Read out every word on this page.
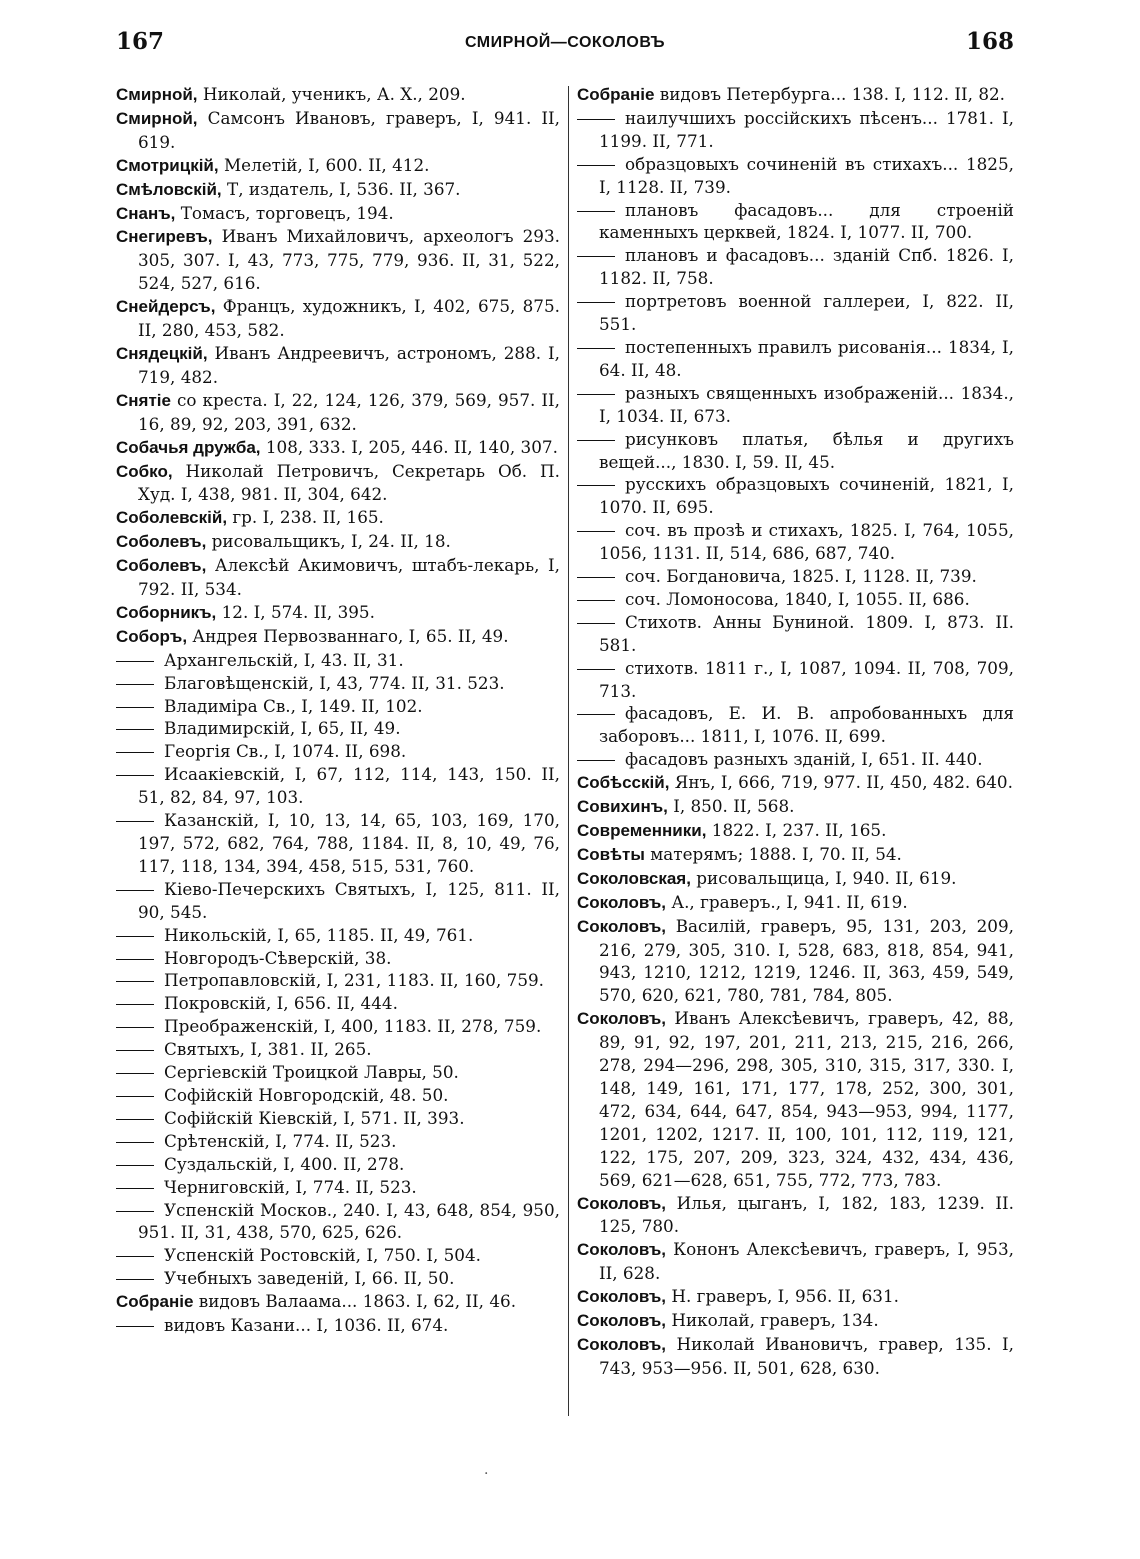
167	СМИРНОЙ—СОКОЛОВЪ	168

Смирной, Николай, ученикъ, А. Х., 209.

Смирной, Самсонъ Ивановъ, граверъ, I, 941. II, 619.

Смотрицкій, Мелетій, I, 600. II, 412.

Смѣловскій, Т, издатель, I, 536. II, 367.

Снанъ, Томасъ, торговецъ, 194.

Снегиревъ, Иванъ Михайловичъ, археологъ 293. 305, 307. I, 43, 773, 775, 779, 936. II, 31, 522, 524, 527, 616.

Снейдерсъ, Францъ, художникъ, I, 402, 675, 875. II, 280, 453, 582.

Снядецкій, Иванъ Андреевичъ, астрономъ, 288. I, 719, 482.

Снятіе со креста. I, 22, 124, 126, 379, 569, 957. II, 16, 89, 92, 203, 391, 632.

Собачья дружба, 108, 333. I, 205, 446. II, 140, 307.

Собко, Николай Петровичъ, Секретарь Об. П. Худ. I, 438, 981. II, 304, 642.

Соболевскій, гр. I, 238. II, 165.

Соболевъ, рисовальщикъ, I, 24. II, 18.

Соболевъ, Алексѣй Акимовичъ, штабъ-лекарь, I, 792. II, 534.

Соборникъ, 12. I, 574. II, 395.

Соборъ, Андрея Первозваннаго, I, 65. II, 49.

Архангельскій, I, 43. II, 31.

Благовѣщенскій, I, 43, 774. II, 31. 523.

Владиміра Св., I, 149. II, 102.

Владимирскій, I, 65, II, 49.

Георгія Св., I, 1074. II, 698.

Исаакіевскій, I, 67, 112, 114, 143, 150. II, 51, 82, 84, 97, 103.

Казанскій, I, 10, 13, 14, 65, 103, 169, 170, 197, 572, 682, 764, 788, 1184. II, 8, 10, 49, 76, 117, 118, 134, 394, 458, 515, 531, 760.

Кіево-Печерскихъ Святыхъ, I, 125, 811. II, 90, 545.

Никольскій, I, 65, 1185. II, 49, 761.

Новгородъ-Сѣверскій, 38.

Петропавловскій, I, 231, 1183. II, 160, 759.

Покровскій, I, 656. II, 444.

Преображенскій, I, 400, 1183. II, 278, 759.

Святыхъ, I, 381. II, 265.

Сергіевскій Троицкой Лавры, 50.

Софійскій Новгородскій, 48. 50.

Софійскій Кіевскій, I, 571. II, 393.

Срѣтенскій, I, 774. II, 523.

Суздальскій, I, 400. II, 278.

Черниговскій, I, 774. II, 523.

Успенскій Москов., 240. I, 43, 648, 854, 950, 951. II, 31, 438, 570, 625, 626.

Успенскій Ростовскій, I, 750. I, 504.

Учебныхъ заведеній, I, 66. II, 50.

Собраніе видовъ Валаама... 1863. I, 62, II, 46.

видовъ Казани... I, 1036. II, 674.

Собраніе видовъ Петербурга... 138. I, 112. II, 82.

наилучшихъ россійскихъ пѣсенъ... 1781. I, 1199. II, 771.

образцовыхъ сочиненій въ стихахъ... 1825, I, 1128. II, 739.

плановъ фасадовъ... для строеній каменныхъ церквей, 1824. I, 1077. II, 700.

плановъ и фасадовъ... зданій Спб. 1826. I, 1182. II, 758.

портретовъ военной галлереи, I, 822. II, 551.

постепенныхъ правилъ рисованія... 1834, I, 64. II, 48.

разныхъ священныхъ изображеній... 1834., I, 1034. II, 673.

рисунковъ платья, бѣлья и другихъ вещей..., 1830. I, 59. II, 45.

русскихъ образцовыхъ сочиненій, 1821, I, 1070. II, 695.

соч. въ прозѣ и стихахъ, 1825. I, 764, 1055, 1056, 1131. II, 514, 686, 687, 740.

соч. Богдановича, 1825. I, 1128. II, 739.

соч. Ломоносова, 1840, I, 1055. II, 686.

Стихотв. Анны Буниной. 1809. I, 873. II. 581.

стихотв. 1811 г., I, 1087, 1094. II, 708, 709, 713.

фасадовъ, Е. И. В. апробованныхъ для заборовъ... 1811, I, 1076. II, 699.

фасадовъ разныхъ зданій, I, 651. II. 440.

Собѣсскій, Янъ, I, 666, 719, 977. II, 450, 482. 640.

Совихинъ, I, 850. II, 568.

Современники, 1822. I, 237. II, 165.

Совѣты матерямъ; 1888. I, 70. II, 54.

Соколовская, рисовальщица, I, 940. II, 619.

Соколовъ, А., граверъ., I, 941. II, 619.

Соколовъ, Василій, граверъ, 95, 131, 203, 209, 216, 279, 305, 310. I, 528, 683, 818, 854, 941, 943, 1210, 1212, 1219, 1246. II, 363, 459, 549, 570, 620, 621, 780, 781, 784, 805.

Соколовъ, Иванъ Алексѣевичъ, граверъ, 42, 88, 89, 91, 92, 197, 201, 211, 213, 215, 216, 266, 278, 294—296, 298, 305, 310, 315, 317, 330. I, 148, 149, 161, 171, 177, 178, 252, 300, 301, 472, 634, 644, 647, 854, 943—953, 994, 1177, 1201, 1202, 1217. II, 100, 101, 112, 119, 121, 122, 175, 207, 209, 323, 324, 432, 434, 436, 569, 621—628, 651, 755, 772, 773, 783.

Соколовъ, Илья, цыганъ, I, 182, 183, 1239. II. 125, 780.

Соколовъ, Кононъ Алексѣевичъ, граверъ, I, 953, II, 628.

Соколовъ, Н. граверъ, I, 956. II, 631.

Соколовъ, Николай, граверъ, 134.

Соколовъ, Николай Ивановичъ, гравер, 135. I, 743, 953—956. II, 501, 628, 630.

·
